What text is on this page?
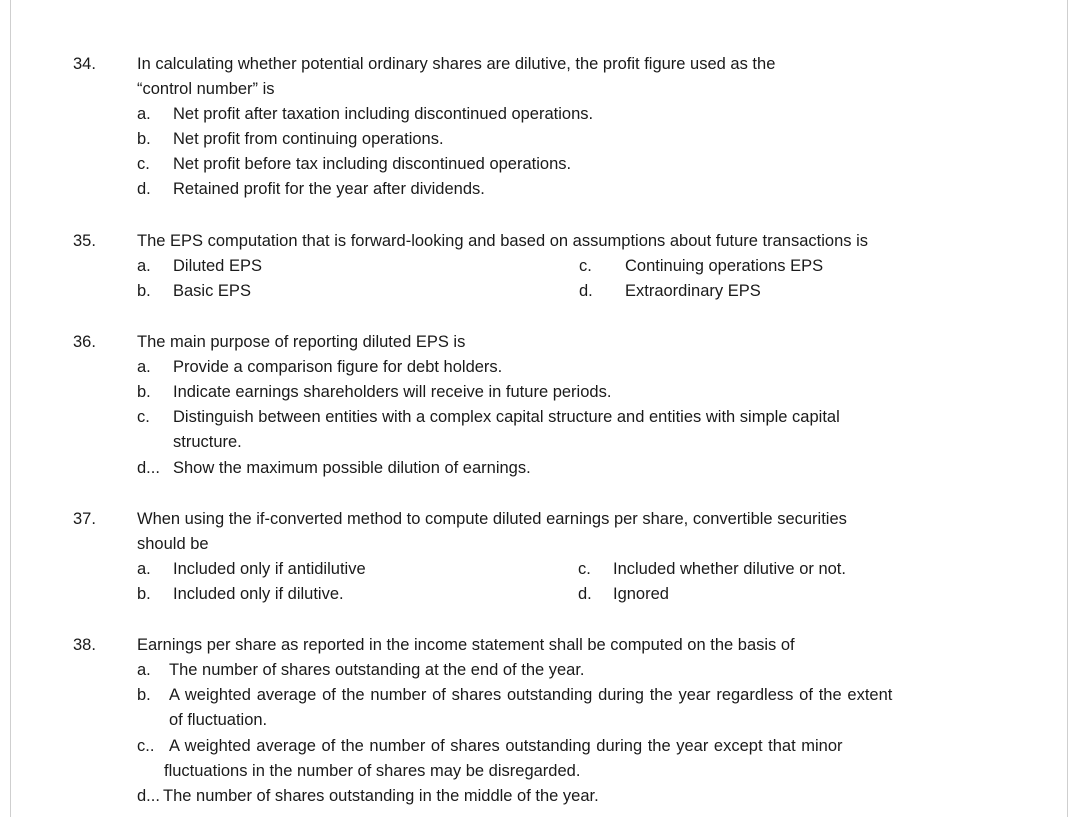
34. In calculating whether potential ordinary shares are dilutive, the profit figure used as the
“control number” is
a. Net profit after taxation including discontinued operations.
b. Net profit from continuing operations.
c. Net profit before tax including discontinued operations.
d. Retained profit for the year after dividends.
35. The EPS computation that is forward-looking and based on assumptions about future transactions is
a. Diluted EPS
b. Basic EPS
c. Continuing operations EPS
d. Extraordinary EPS
36. The main purpose of reporting diluted EPS is
a. Provide a comparison figure for debt holders.
b. Indicate earnings shareholders will receive in future periods.
c. Distinguish between entities with a complex capital structure and entities with simple capital
structure.
d... Show the maximum possible dilution of earnings.
37. When using the if-converted method to compute diluted earnings per share, convertible securities
should be
a. Included only if antidilutive
b. Included only if dilutive.
c. Included whether dilutive or not.
d. Ignored
38. Earnings per share as reported in the income statement shall be computed on the basis of
a. The number of shares outstanding at the end of the year.
b. A weighted average of the number of shares outstanding during the year regardless of the extent
of fluctuation.
c.. A weighted average of the number of shares outstanding during the year except that minor
fluctuations in the number of shares may be disregarded.
d... The number of shares outstanding in the middle of the year.
